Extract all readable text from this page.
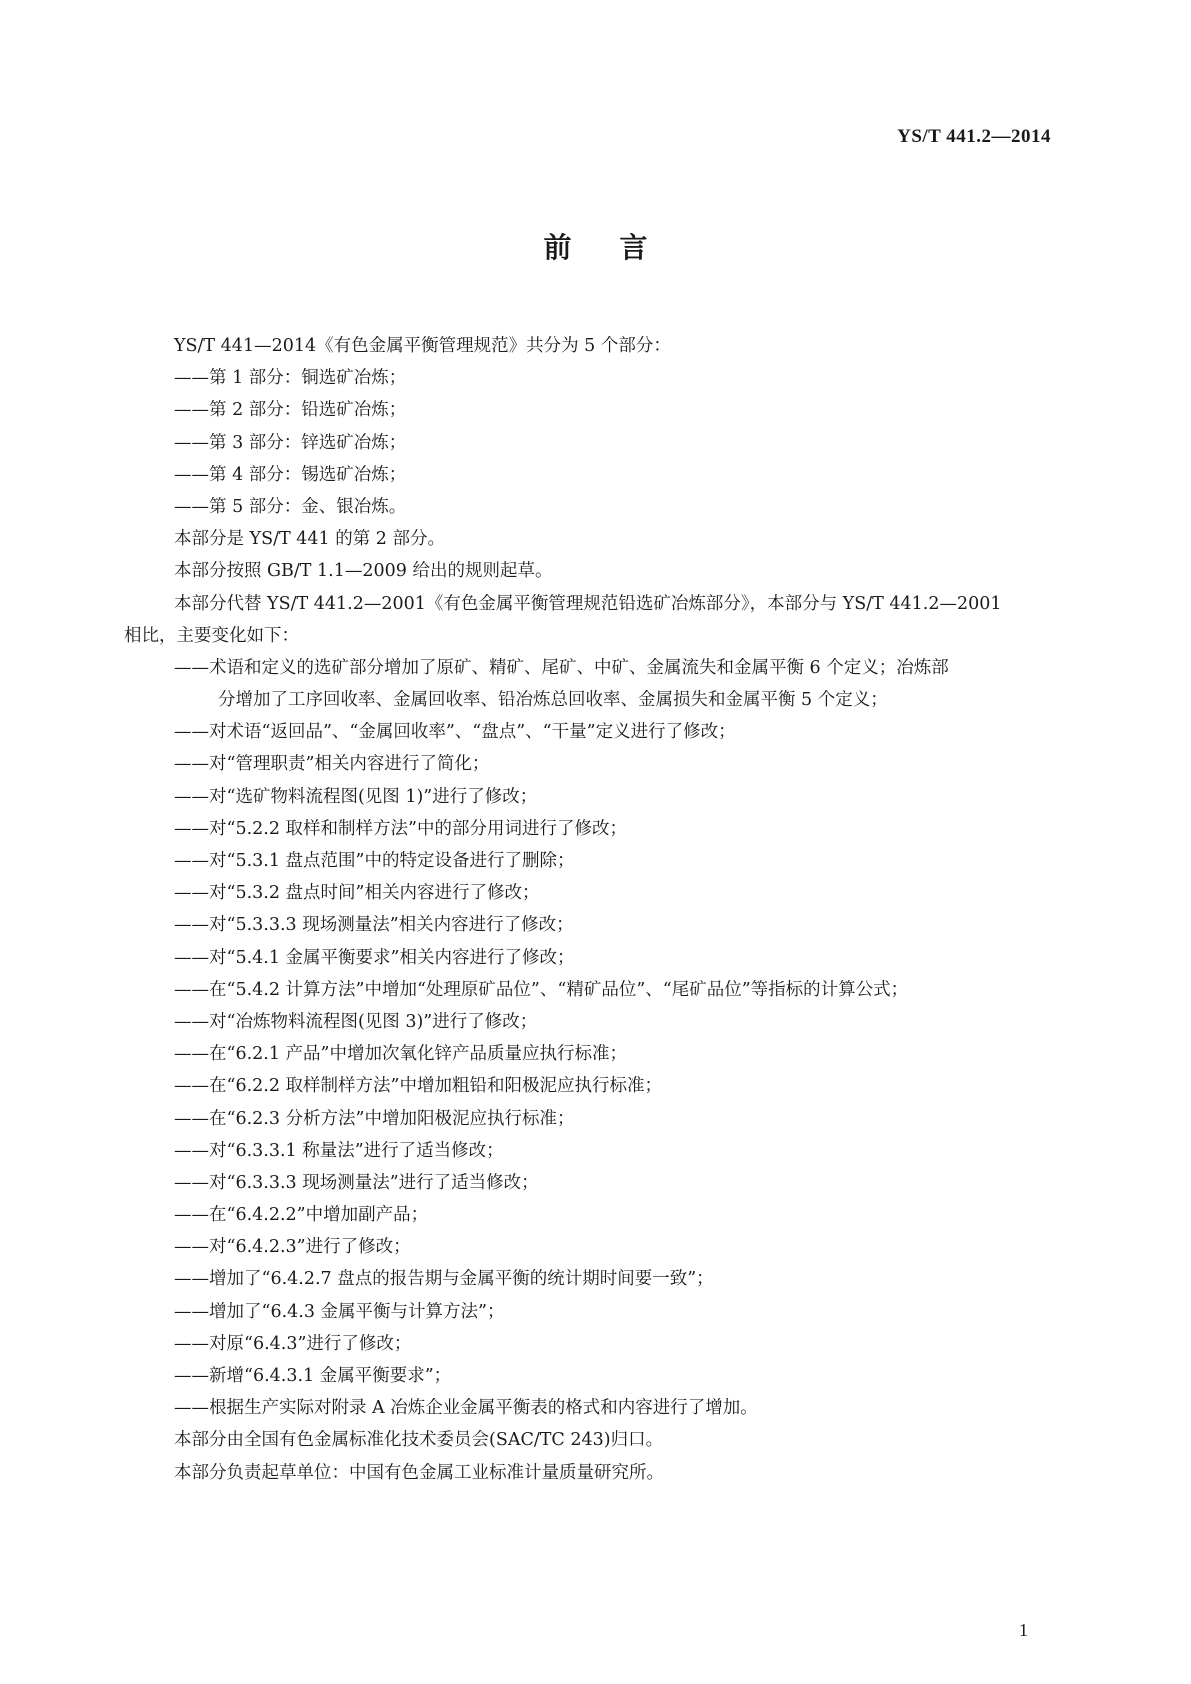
YS/T 441.2—2014
前言
YS/T 441—2014《有色金属平衡管理规范》共分为 5 个部分：
——第 1 部分：铜选矿冶炼；
——第 2 部分：铅选矿冶炼；
——第 3 部分：锌选矿冶炼；
——第 4 部分：锡选矿冶炼；
——第 5 部分：金、银冶炼。
本部分是 YS/T 441 的第 2 部分。
本部分按照 GB/T 1.1—2009 给出的规则起草。
本部分代替 YS/T 441.2—2001《有色金属平衡管理规范铅选矿冶炼部分》，本部分与 YS/T 441.2—2001
相比，主要变化如下：
——术语和定义的选矿部分增加了原矿、精矿、尾矿、中矿、金属流失和金属平衡 6 个定义；冶炼部
分增加了工序回收率、金属回收率、铅冶炼总回收率、金属损失和金属平衡 5 个定义；
——对术语“返回品”、“金属回收率”、“盘点”、“干量”定义进行了修改；
——对“管理职责”相关内容进行了简化；
——对“选矿物料流程图(见图 1)”进行了修改；
——对“5.2.2 取样和制样方法”中的部分用词进行了修改；
——对“5.3.1 盘点范围”中的特定设备进行了删除；
——对“5.3.2 盘点时间”相关内容进行了修改；
——对“5.3.3.3 现场测量法”相关内容进行了修改；
——对“5.4.1 金属平衡要求”相关内容进行了修改；
——在“5.4.2 计算方法”中增加“处理原矿品位”、“精矿品位”、“尾矿品位”等指标的计算公式；
——对“冶炼物料流程图(见图 3)”进行了修改；
——在“6.2.1 产品”中增加次氧化锌产品质量应执行标准；
——在“6.2.2 取样制样方法”中增加粗铅和阳极泥应执行标准；
——在“6.2.3 分析方法”中增加阳极泥应执行标准；
——对“6.3.3.1 称量法”进行了适当修改；
——对“6.3.3.3 现场测量法”进行了适当修改；
——在“6.4.2.2”中增加副产品；
——对“6.4.2.3”进行了修改；
——增加了“6.4.2.7 盘点的报告期与金属平衡的统计期时间要一致”；
——增加了“6.4.3 金属平衡与计算方法”；
——对原“6.4.3”进行了修改；
——新增“6.4.3.1 金属平衡要求”；
——根据生产实际对附录 A 冶炼企业金属平衡表的格式和内容进行了增加。
本部分由全国有色金属标准化技术委员会(SAC/TC 243)归口。
本部分负责起草单位：中国有色金属工业标准计量质量研究所。
1
